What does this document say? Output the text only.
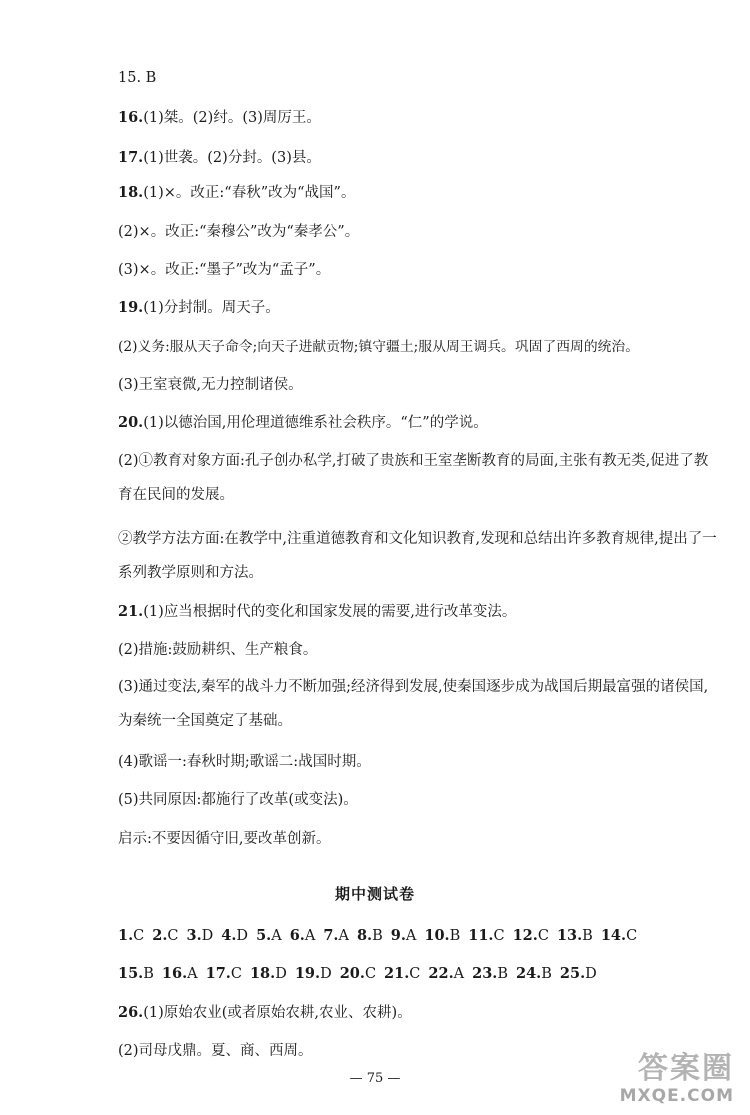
15. B
16.(1)桀。(2)纣。(3)周厉王。
17.(1)世袭。(2)分封。(3)县。
18.(1)×。改正:“春秋”改为“战国”。
(2)×。改正:“秦穆公”改为“秦孝公”。
(3)×。改正:“墨子”改为“孟子”。
19.(1)分封制。周天子。
(2)义务:服从天子命令;向天子进献贡物;镇守疆土;服从周王调兵。巩固了西周的统治。
(3)王室衰微,无力控制诸侯。
20.(1)以德治国,用伦理道德维系社会秩序。“仁”的学说。
(2)①教育对象方面:孔子创办私学,打破了贵族和王室垄断教育的局面,主张有教无类,促进了教育在民间的发展。
②教学方法方面:在教学中,注重道德教育和文化知识教育,发现和总结出许多教育规律,提出了一系列教学原则和方法。
21.(1)应当根据时代的变化和国家发展的需要,进行改革变法。
(2)措施:鼓励耕织、生产粮食。
(3)通过变法,秦军的战斗力不断加强;经济得到发展,使秦国逐步成为战国后期最富强的诸侯国,为秦统一全国奠定了基础。
(4)歌谣一:春秋时期;歌谣二:战国时期。
(5)共同原因:都施行了改革(或变法)。
启示:不要因循守旧,要改革创新。
期中测试卷
1.C 2.C 3.D 4.D 5.A 6.A 7.A 8.B 9.A 10.B 11.C 12.C 13.B 14.C
15.B 16.A 17.C 18.D 19.D 20.C 21.C 22.A 23.B 24.B 25.D
26.(1)原始农业(或者原始农耕,农业、农耕)。
(2)司母戊鼎。夏、商、西周。
— 75 —	答案圈
MXQE.COM
